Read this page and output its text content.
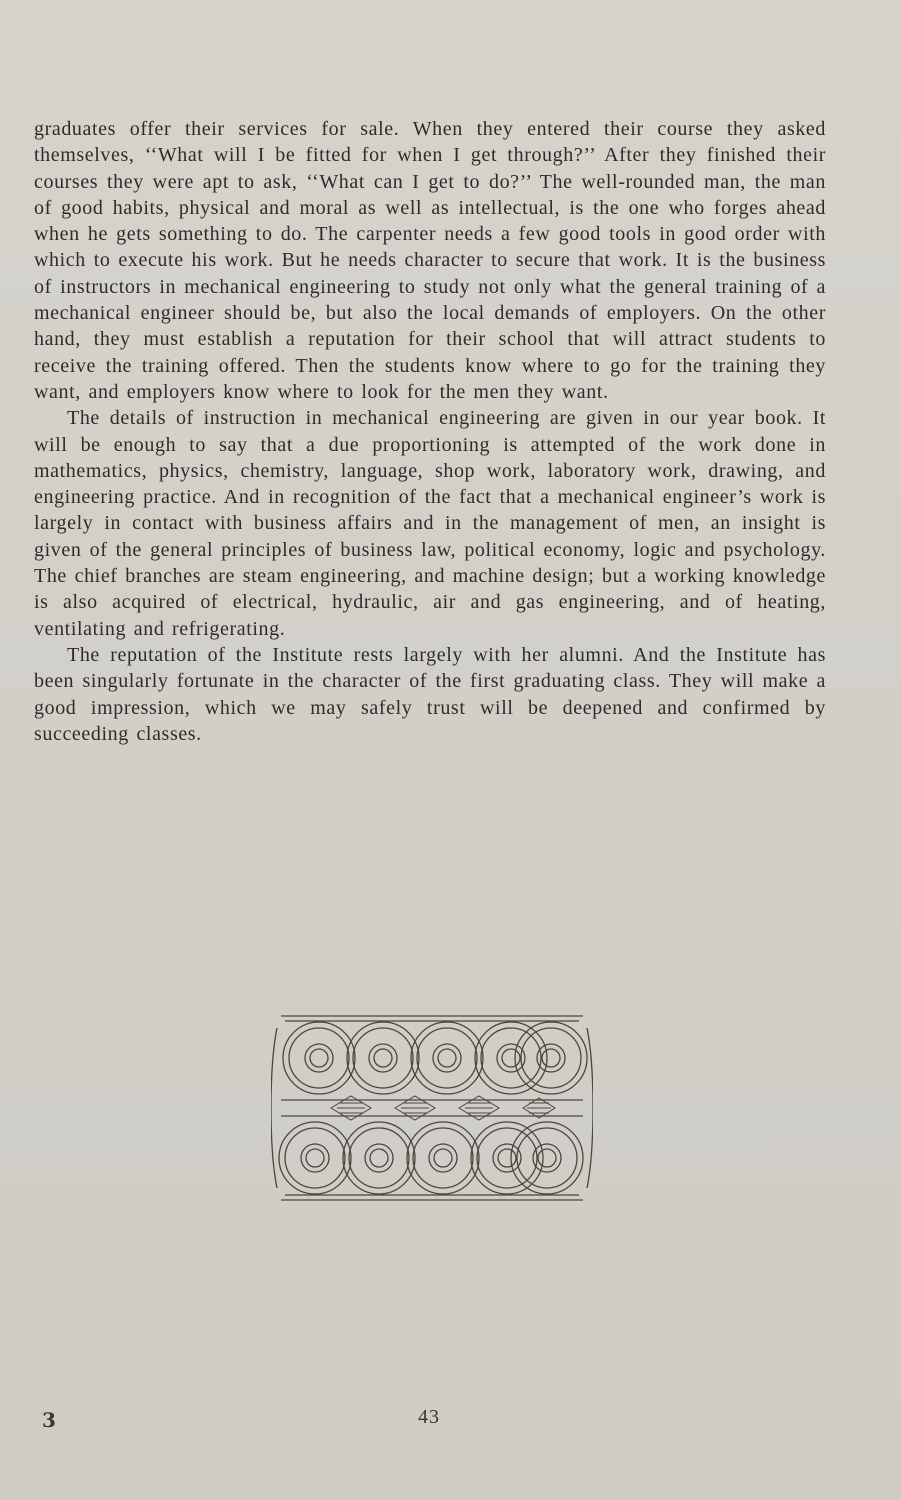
graduates offer their services for sale. When they entered their course they asked themselves, ‘‘What will I be fitted for when I get through?’’ After they finished their courses they were apt to ask, ‘‘What can I get to do?’’ The well-rounded man, the man of good habits, physical and moral as well as intellectual, is the one who forges ahead when he gets something to do. The carpenter needs a few good tools in good order with which to execute his work. But he needs character to secure that work. It is the business of instructors in mechanical engineering to study not only what the general training of a mechanical engineer should be, but also the local demands of employers. On the other hand, they must establish a reputation for their school that will attract students to receive the training offered. Then the students know where to go for the training they want, and employers know where to look for the men they want.

The details of instruction in mechanical engineering are given in our year book. It will be enough to say that a due proportioning is attempted of the work done in mathematics, physics, chemistry, language, shop work, laboratory work, drawing, and engineering practice. And in recognition of the fact that a mechanical engineer’s work is largely in contact with business affairs and in the management of men, an insight is given of the general principles of business law, political economy, logic and psychology. The chief branches are steam engineering, and machine design; but a working knowledge is also acquired of electrical, hydraulic, air and gas engineering, and of heating, ventilating and refrigerating.

The reputation of the Institute rests largely with her alumni. And the Institute has been singularly fortunate in the character of the first graduating class. They will make a good impression, which we may safely trust will be deepened and confirmed by succeeding classes.

3	43
